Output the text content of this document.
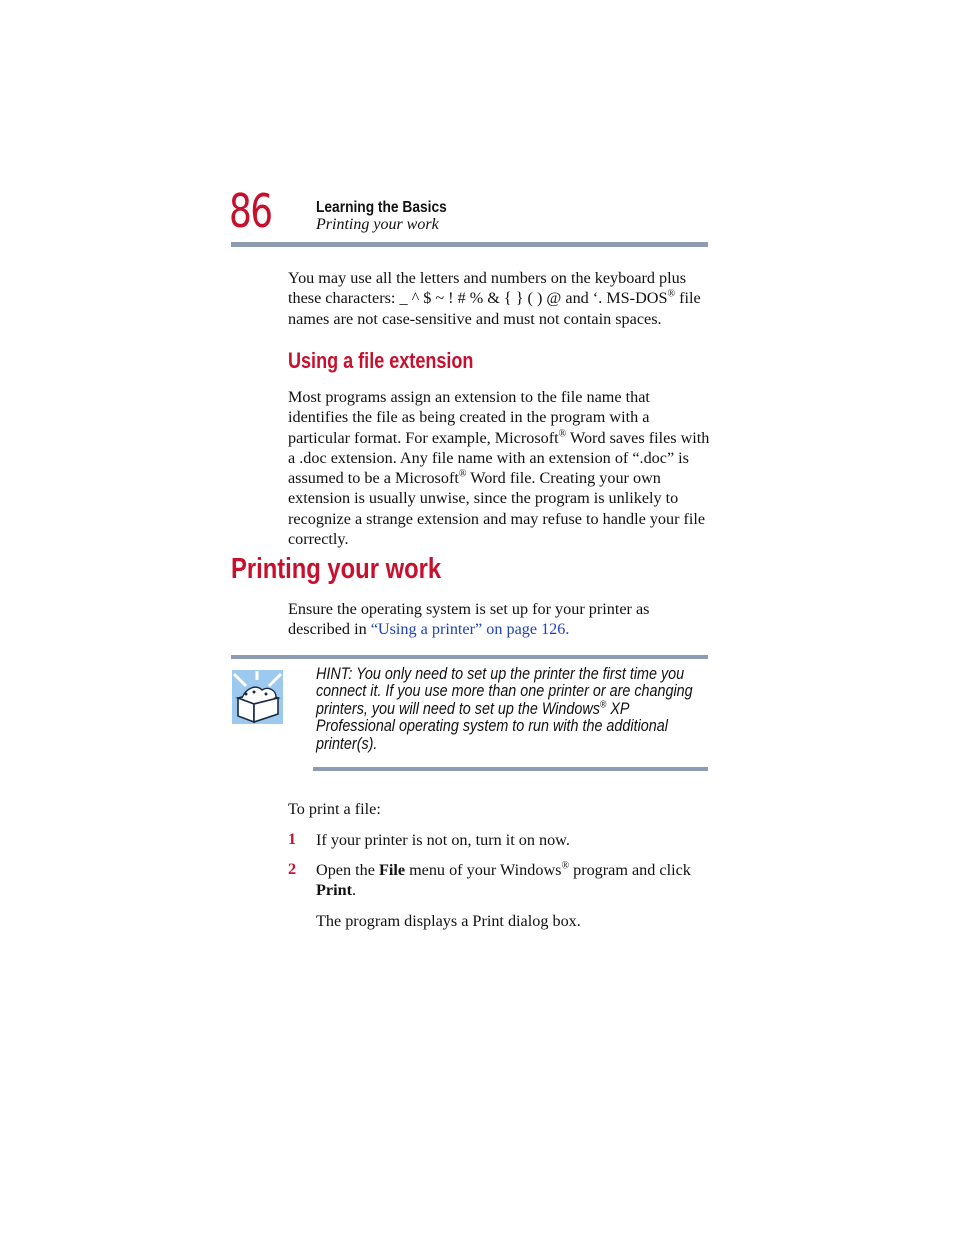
86	Learning the Basics
Printing your work
You may use all the letters and numbers on the keyboard plus these characters: _ ^ $ ~ ! # % & { } ( ) @ and ‘. MS-DOS® file names are not case-sensitive and must not contain spaces.
Using a file extension
Most programs assign an extension to the file name that identifies the file as being created in the program with a particular format. For example, Microsoft® Word saves files with a .doc extension. Any file name with an extension of “.doc” is assumed to be a Microsoft® Word file. Creating your own extension is usually unwise, since the program is unlikely to recognize a strange extension and may refuse to handle your file correctly.
Printing your work
Ensure the operating system is set up for your printer as described in “Using a printer” on page 126.
HINT: You only need to set up the printer the first time you connect it. If you use more than one printer or are changing printers, you will need to set up the Windows® XP Professional operating system to run with the additional printer(s).
To print a file:
1 If your printer is not on, turn it on now.
2 Open the File menu of your Windows® program and click Print.
The program displays a Print dialog box.
